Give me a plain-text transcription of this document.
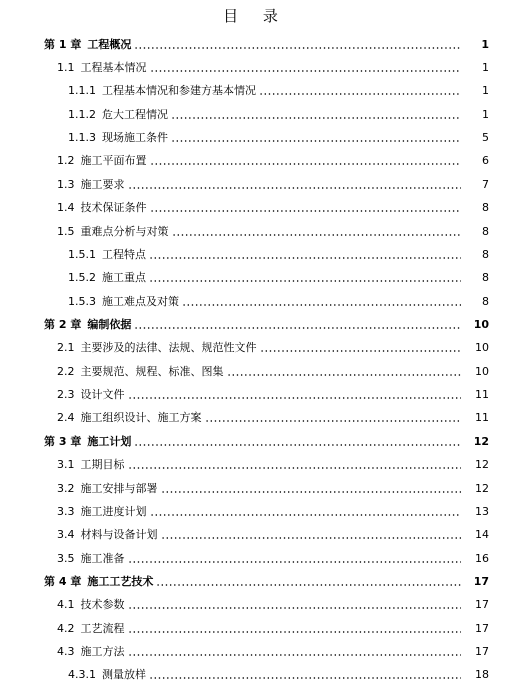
目 录
第 1 章 工程概况	1
1.1 工程基本情况	1
1.1.1 工程基本情况和参建方基本情况	1
1.1.2 危大工程情况	1
1.1.3 现场施工条件	5
1.2 施工平面布置	6
1.3 施工要求	7
1.4 技术保证条件	8
1.5 重难点分析与对策	8
1.5.1 工程特点	8
1.5.2 施工重点	8
1.5.3 施工难点及对策	8
第 2 章 编制依据	10
2.1 主要涉及的法律、法规、规范性文件	10
2.2 主要规范、规程、标准、图集	10
2.3 设计文件	11
2.4 施工组织设计、施工方案	11
第 3 章 施工计划	12
3.1 工期目标	12
3.2 施工安排与部署	12
3.3 施工进度计划	13
3.4 材料与设备计划	14
3.5 施工准备	16
第 4 章 施工工艺技术	17
4.1 技术参数	17
4.2 工艺流程	17
4.3 施工方法	17
4.3.1 测量放样	18
